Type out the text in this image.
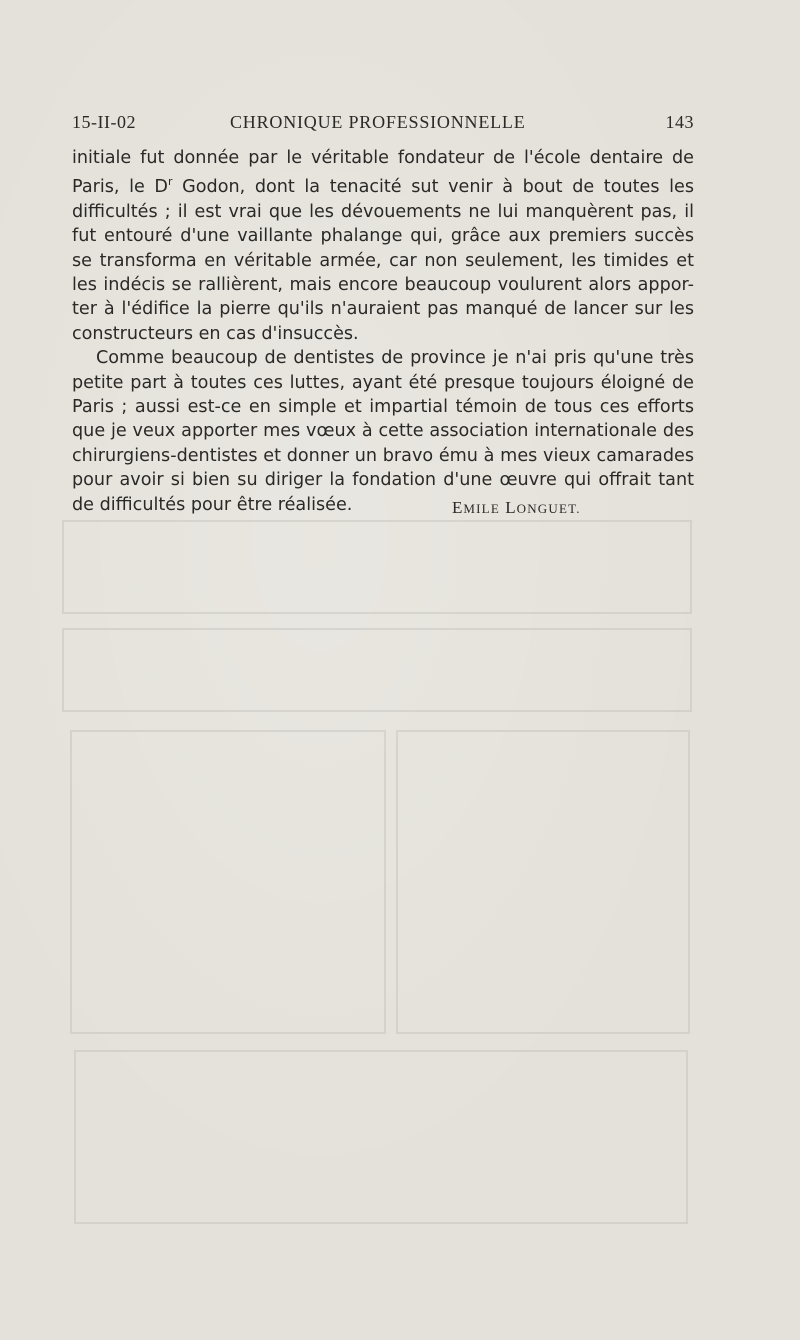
15-II-02	CHRONIQUE PROFESSIONNELLE	143
initiale fut donnée par le véritable fondateur de l'école dentaire de
Paris, le $D^r$ Godon, dont la tenacité sut venir à bout de toutes les
difficultés ; il est vrai que les dévouements ne lui manquèrent pas, il
fut entouré d'une vaillante phalange qui, grâce aux premiers succès
se transforma en véritable armée, car non seulement, les timides et
les indécis se rallièrent, mais encore beaucoup voulurent alors appor-
ter à l'édifice la pierre qu'ils n'auraient pas manqué de lancer sur les
constructeurs en cas d'insuccès.
Comme beaucoup de dentistes de province je n'ai pris qu'une très
petite part à toutes ces luttes, ayant été presque toujours éloigné de
Paris ; aussi est-ce en simple et impartial témoin de tous ces efforts
que je veux apporter mes vœux à cette association internationale des
chirurgiens-dentistes et donner un bravo ému à mes vieux camarades
pour avoir si bien su diriger la fondation d'une œuvre qui offrait tant
de difficultés pour être réalisée.	EMILE LONGUET.
